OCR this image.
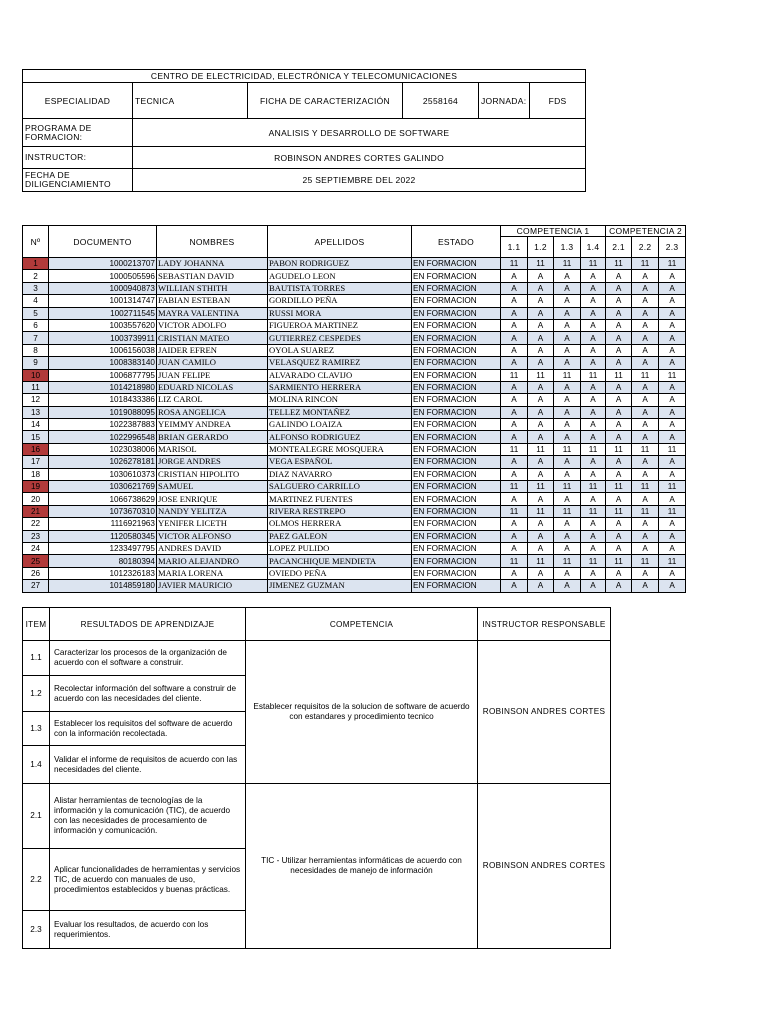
CENTRO DE ELECTRICIDAD, ELECTRÓNICA Y TELECOMUNICACIONES					
ESPECIALIDAD	TECNICA	FICHA DE CARACTERIZACIÓN	2558164	JORNADA:	FDS
PROGRAMA DE FORMACION:	ANALISIS Y DESARROLLO DE SOFTWARE				
INSTRUCTOR:	ROBINSON ANDRES CORTES GALINDO				
FECHA DE DILIGENCIAMIENTO	25 SEPTIEMBRE DEL 2022				
Nº	DOCUMENTO	NOMBRES	APELLIDOS	ESTADO	COMPETENCIA 1				COMPETENCIA 2		
					1.1	1.2	1.3	1.4	2.1	2.2	2.3
1	1000213707	LADY JOHANNA	PABON RODRIGUEZ	EN FORMACION	11	11	11	11	11	11	11
2	1000505596	SEBASTIAN DAVID	AGUDELO LEON	EN FORMACION	A	A	A	A	A	A	A
3	1000940873	WILLIAN STHITH	BAUTISTA TORRES	EN FORMACION	A	A	A	A	A	A	A
4	1001314747	FABIAN ESTEBAN	GORDILLO PEÑA	EN FORMACION	A	A	A	A	A	A	A
5	1002711545	MAYRA VALENTINA	RUSSI MORA	EN FORMACION	A	A	A	A	A	A	A
6	1003557620	VICTOR ADOLFO	FIGUEROA MARTINEZ	EN FORMACION	A	A	A	A	A	A	A
7	1003739911	CRISTIAN MATEO	GUTIERREZ CESPEDES	EN FORMACION	A	A	A	A	A	A	A
8	1006156038	JAIDER EFREN	OYOLA SUAREZ	EN FORMACION	A	A	A	A	A	A	A
9	1008383140	JUAN CAMILO	VELASQUEZ RAMIREZ	EN FORMACION	A	A	A	A	A	A	A
10	1006877795	JUAN FELIPE	ALVARADO CLAVIJO	EN FORMACION	11	11	11	11	11	11	11
11	1014218980	EDUARD NICOLAS	SARMIENTO HERRERA	EN FORMACION	A	A	A	A	A	A	A
12	1018433386	LIZ CAROL	MOLINA RINCON	EN FORMACION	A	A	A	A	A	A	A
13	1019088095	ROSA ANGELICA	TELLEZ MONTAÑEZ	EN FORMACION	A	A	A	A	A	A	A
14	1022387883	YEIMMY ANDREA	GALINDO LOAIZA	EN FORMACION	A	A	A	A	A	A	A
15	1022996548	BRIAN GERARDO	ALFONSO RODRIGUEZ	EN FORMACION	A	A	A	A	A	A	A
16	1023038006	MARISOL	MONTEALEGRE MOSQUERA	EN FORMACION	11	11	11	11	11	11	11
17	1026278181	JORGE ANDRES	VEGA ESPAÑOL	EN FORMACION	A	A	A	A	A	A	A
18	1030610373	CRISTIAN HIPOLITO	DIAZ NAVARRO	EN FORMACION	A	A	A	A	A	A	A
19	1030621769	SAMUEL	SALGUERO CARRILLO	EN FORMACION	11	11	11	11	11	11	11
20	1066738629	JOSE ENRIQUE	MARTINEZ FUENTES	EN FORMACION	A	A	A	A	A	A	A
21	1073670310	NANDY YELITZA	RIVERA RESTREPO	EN FORMACION	11	11	11	11	11	11	11
22	1116921963	YENIFER LICETH	OLMOS HERRERA	EN FORMACION	A	A	A	A	A	A	A
23	1120580345	VICTOR ALFONSO	PAEZ GALEON	EN FORMACION	A	A	A	A	A	A	A
24	1233497795	ANDRES DAVID	LOPEZ PULIDO	EN FORMACION	A	A	A	A	A	A	A
25	80180394	MARIO ALEJANDRO	PACANCHIQUE MENDIETA	EN FORMACION	11	11	11	11	11	11	11
26	1012326183	MARIA LORENA	OVIEDO PEÑA	EN FORMACION	A	A	A	A	A	A	A
27	1014859180	JAVIER MAURICIO	JIMENEZ GUZMAN	EN FORMACION	A	A	A	A	A	A	A
ITEM	RESULTADOS DE APRENDIZAJE	COMPETENCIA	INSTRUCTOR RESPONSABLE
1.1	Caracterizar los procesos de la organización de acuerdo con el software a construir.	Establecer requisitos de la solucion de software de acuerdo con estandares y procedimiento tecnico	ROBINSON ANDRES CORTES
1.2	Recolectar información del software a construir de acuerdo con las necesidades del cliente.		
1.3	Establecer los requisitos del software de acuerdo con la información recolectada.		
1.4	Validar el informe de requisitos de acuerdo con las necesidades del cliente.		
2.1	Alistar herramientas de tecnologías de la información y la comunicación (TIC), de acuerdo con las necesidades de procesamiento de información y comunicación.	TIC - Utilizar herramientas informáticas de acuerdo con necesidades de manejo de información	ROBINSON ANDRES CORTES
2.2	Aplicar funcionalidades de herramientas y servicios TIC, de acuerdo con manuales de uso, procedimientos establecidos y buenas prácticas.		
2.3	Evaluar los resultados, de acuerdo con los requerimientos.		
